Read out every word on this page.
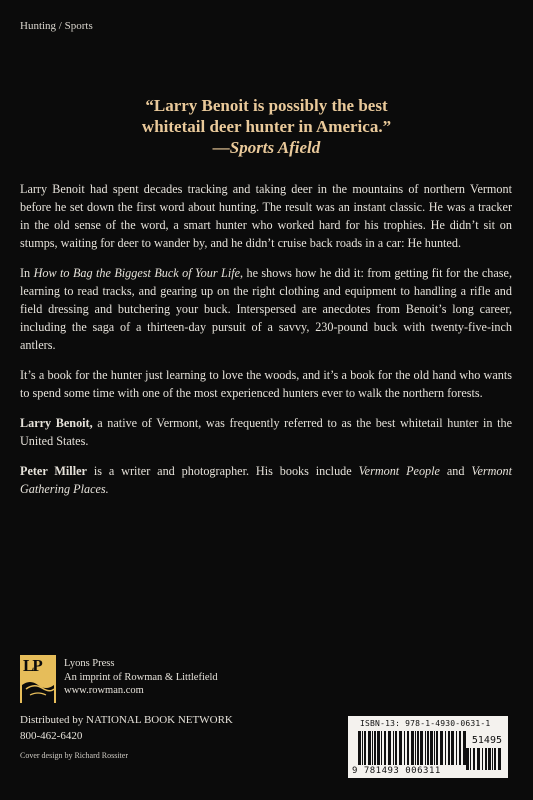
Hunting / Sports
“Larry Benoit is possibly the best
whitetail deer hunter in America.”
—Sports Afield

Larry Benoit had spent decades tracking and taking deer in the mountains of northern Vermont before he set down the first word about hunting. The result was an instant classic. He was a tracker in the old sense of the word, a smart hunter who worked hard for his trophies. He didn’t sit on stumps, waiting for deer to wander by, and he didn’t cruise back roads in a car: He hunted.

In How to Bag the Biggest Buck of Your Life, he shows how he did it: from getting fit for the chase, learning to read tracks, and gearing up on the right clothing and equipment to handling a rifle and field dressing and butchering your buck. Interspersed are anecdotes from Benoit’s long career, including the saga of a thirteen-day pursuit of a savvy, 230-pound buck with twenty-five-inch antlers.

It’s a book for the hunter just learning to love the woods, and it’s a book for the old hand who wants to spend some time with one of the most experienced hunters ever to walk the northern forests.

Larry Benoit, a native of Vermont, was frequently referred to as the best whitetail hunter in the United States.

Peter Miller is a writer and photographer. His books include Vermont People and Vermont Gathering Places.

LP Lyons Press
An imprint of Rowman & Littlefield
www.rowman.com
Distributed by NATIONAL BOOK NETWORK
800-462-6420
Cover design by Richard Rossiter
ISBN-13: 978-1-4930-0631-1
51495
9 781493 006311
